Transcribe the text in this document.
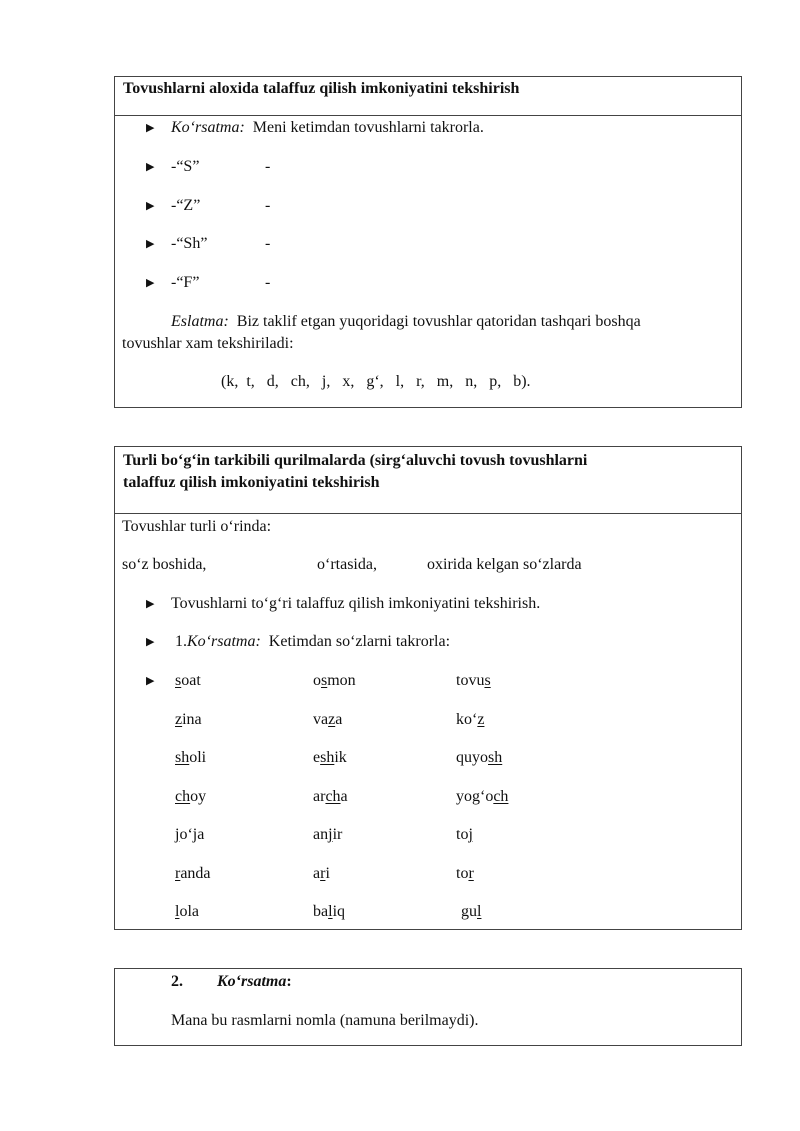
Tovushlarni aloxida talaffuz qilish imkoniyatini tekshirish
▶
Ko‘rsatma: Meni ketimdan tovushlarni takrorla.
▶
-“S”	-
▶
-“Z”	-
▶
-“Sh”	-
▶
-“F”	-
Eslatma: Biz taklif etgan yuqoridagi tovushlar qatoridan tashqari boshqa
tovushlar xam tekshiriladi:
(k,  t,   d,   ch,   j,   x,   g‘,   l,   r,   m,   n,   p,   b).
Turli bo‘g‘in tarkibili qurilmalarda (sirg‘aluvchi tovush tovushlarni
talaffuz qilish imkoniyatini tekshirish
Tovushlar turli o‘rinda:
so‘z boshida,	o‘rtasida,	oxirida kelgan so‘zlarda
▶
Tovushlarni to‘g‘ri talaffuz qilish imkoniyatini tekshirish.
▶
1.Ko‘rsatma: Ketimdan so‘zlarni takrorla:
▶
soat	osmon	tovus
zina	vaza	ko‘z
sholi	eshik	quyosh
choy	archa	yog‘och
jo‘ja	anjir	toj
randa	ari	tor
lola	baliq	gul
2. Ko‘rsatma:
Mana bu rasmlarni nomla (namuna berilmaydi).
